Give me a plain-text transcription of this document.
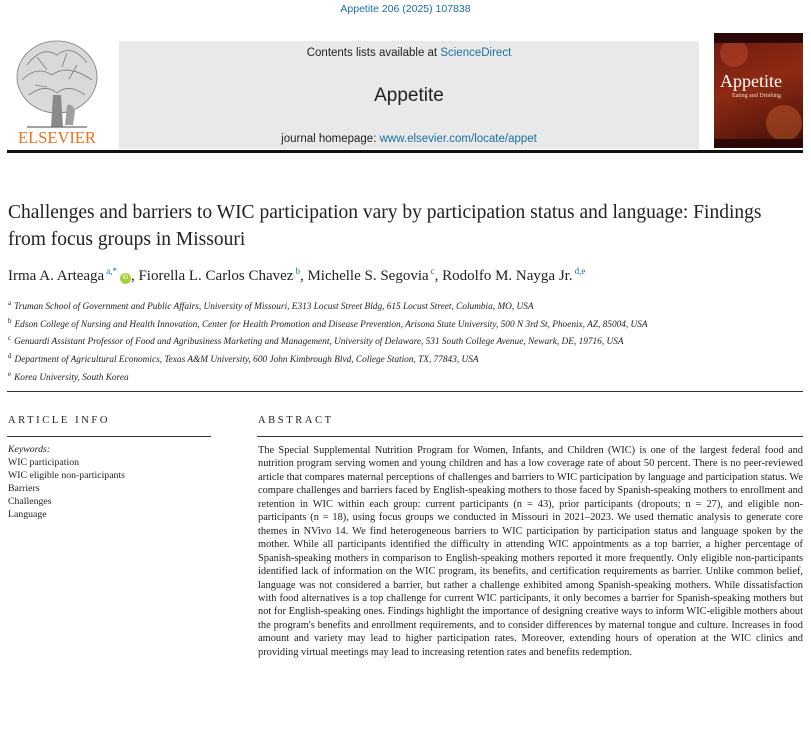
Appetite 206 (2025) 107838
ELSEVIER
Contents lists available at ScienceDirect
Appetite
journal homepage: www.elsevier.com/locate/appet
Appetite
Eating and Drinking
Challenges and barriers to WIC participation vary by participation status and language: Findings from focus groups in Missouri
Irma A. Arteaga $^{a,*}$iD , Fiorella L. Carlos Chavez $^b$, Michelle S. Segovia $^c$, Rodolfo M. Nayga Jr. $^{d,e}$
$^a$ Truman School of Government and Public Affairs, University of Missouri, E313 Locust Street Bldg, 615 Locust Street, Columbia, MO, USA
$^b$ Edson College of Nursing and Health Innovation, Center for Health Promotion and Disease Prevention, Arisona State University, 500 N 3rd St, Phoenix, AZ, 85004, USA
$^c$ Genuardi Assistant Professor of Food and Agribusiness Marketing and Management, University of Delaware, 531 South College Avenue, Newark, DE, 19716, USA
$^d$ Department of Agricultural Economics, Texas A&M University, 600 John Kimbrough Blvd, College Station, TX, 77843, USA
$^e$ Korea University, South Korea
ARTICLE INFO	ABSTRACT
Keywords:
WIC participation
WIC eligible non-participants
Barriers
Challenges
Language
The Special Supplemental Nutrition Program for Women, Infants, and Children (WIC) is one of the largest federal food and nutrition program serving women and young children and has a low coverage rate of about 50 percent. There is no peer-reviewed article that compares maternal perceptions of challenges and barriers to WIC participation by language and participation status. We compare challenges and barriers faced by English-speaking mothers to those faced by Spanish-speaking mothers to enrollment and retention in WIC within each group: current participants (n = 43), prior participants (dropouts; n = 27), and eligible non-participants (n = 18), using focus groups we conducted in Missouri in 2021–2023. We used thematic analysis to generate core themes in NVivo 14. We find heterogeneous barriers to WIC participation by participation status and language spoken by the mother. While all participants identified the difficulty in attending WIC appointments as a top barrier, a higher percentage of Spanish-speaking mothers in comparison to English-speaking mothers reported it more frequently. Only eligible non-participants identified lack of information on the WIC program, its benefits, and certification requirements as barrier. Unlike common belief, language was not considered a barrier, but rather a challenge exhibited among Spanish-speaking mothers. While dissatisfaction with food alternatives is a top challenge for current WIC participants, it only becomes a barrier for Spanish-speaking mothers but not for English-speaking ones. Findings highlight the importance of designing creative ways to inform WIC-eligible mothers about the program's benefits and enrollment requirements, and to consider differences by maternal tongue and culture. Increases in food amount and variety may lead to higher participation rates. Moreover, extending hours of operation at the WIC clinics and providing virtual meetings may lead to increasing retention rates and benefits redemption.
